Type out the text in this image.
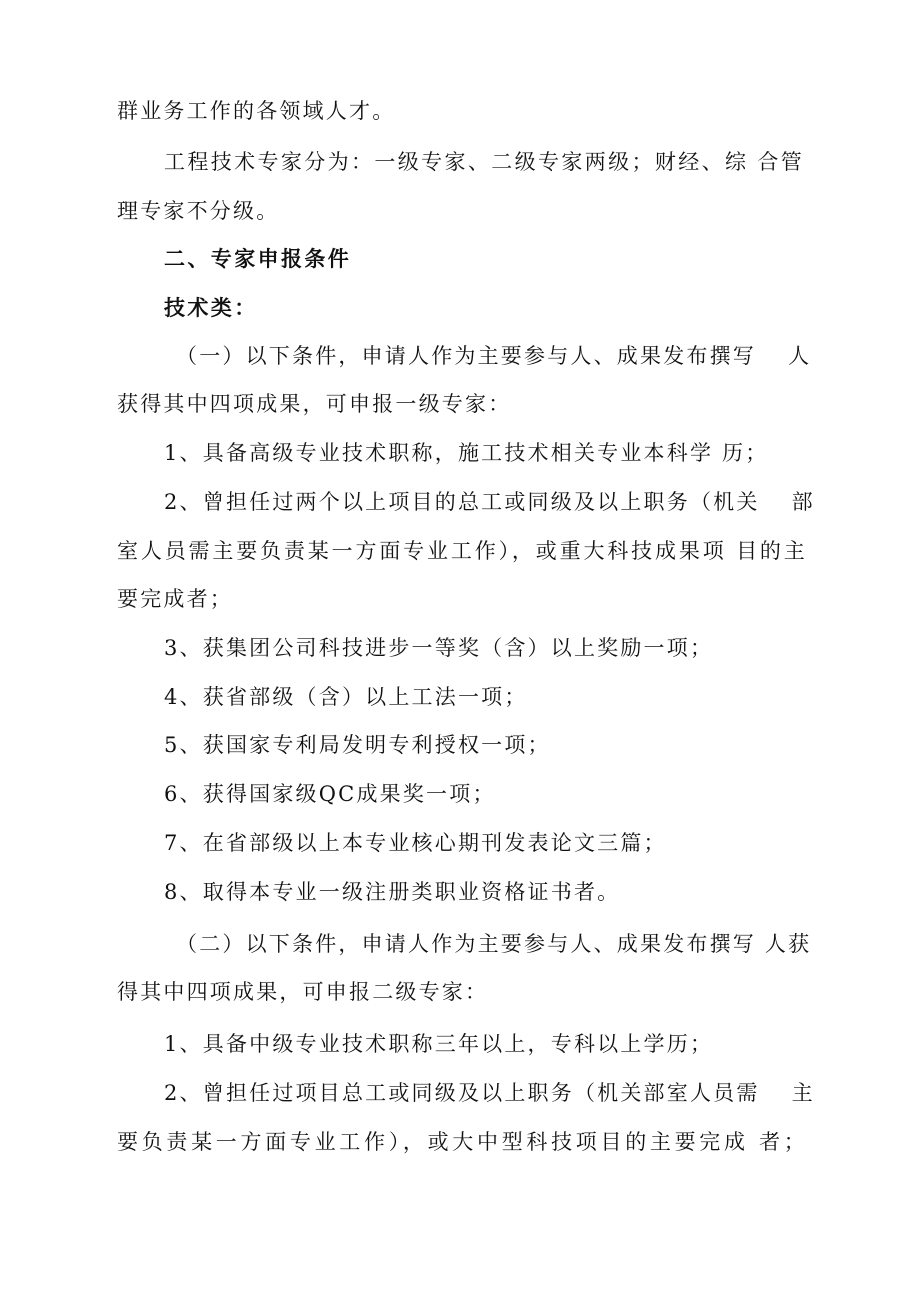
群业务工作的各领域人才。
工程技术专家分为：一级专家、二级专家两级；财经、综 合管
理专家不分级。
二、专家申报条件
技术类：
（一）以下条件，申请人作为主要参与人、成果发布撰写　 人
获得其中四项成果，可申报一级专家：
1、具备高级专业技术职称，施工技术相关专业本科学 历；
2、曾担任过两个以上项目的总工或同级及以上职务（机关　 部
室人员需主要负责某一方面专业工作），或重大科技成果项 目的主
要完成者；
3、获集团公司科技进步一等奖（含）以上奖励一项；
4、获省部级（含）以上工法一项；
5、获国家专利局发明专利授权一项；
6、获得国家级QC成果奖一项；
7、在省部级以上本专业核心期刊发表论文三篇；
8、取得本专业一级注册类职业资格证书者。
（二）以下条件，申请人作为主要参与人、成果发布撰写 人获
得其中四项成果，可申报二级专家：
1、具备中级专业技术职称三年以上，专科以上学历；
2、曾担任过项目总工或同级及以上职务（机关部室人员需　 主
要负责某一方面专业工作），或大中型科技项目的主要完成 者；
